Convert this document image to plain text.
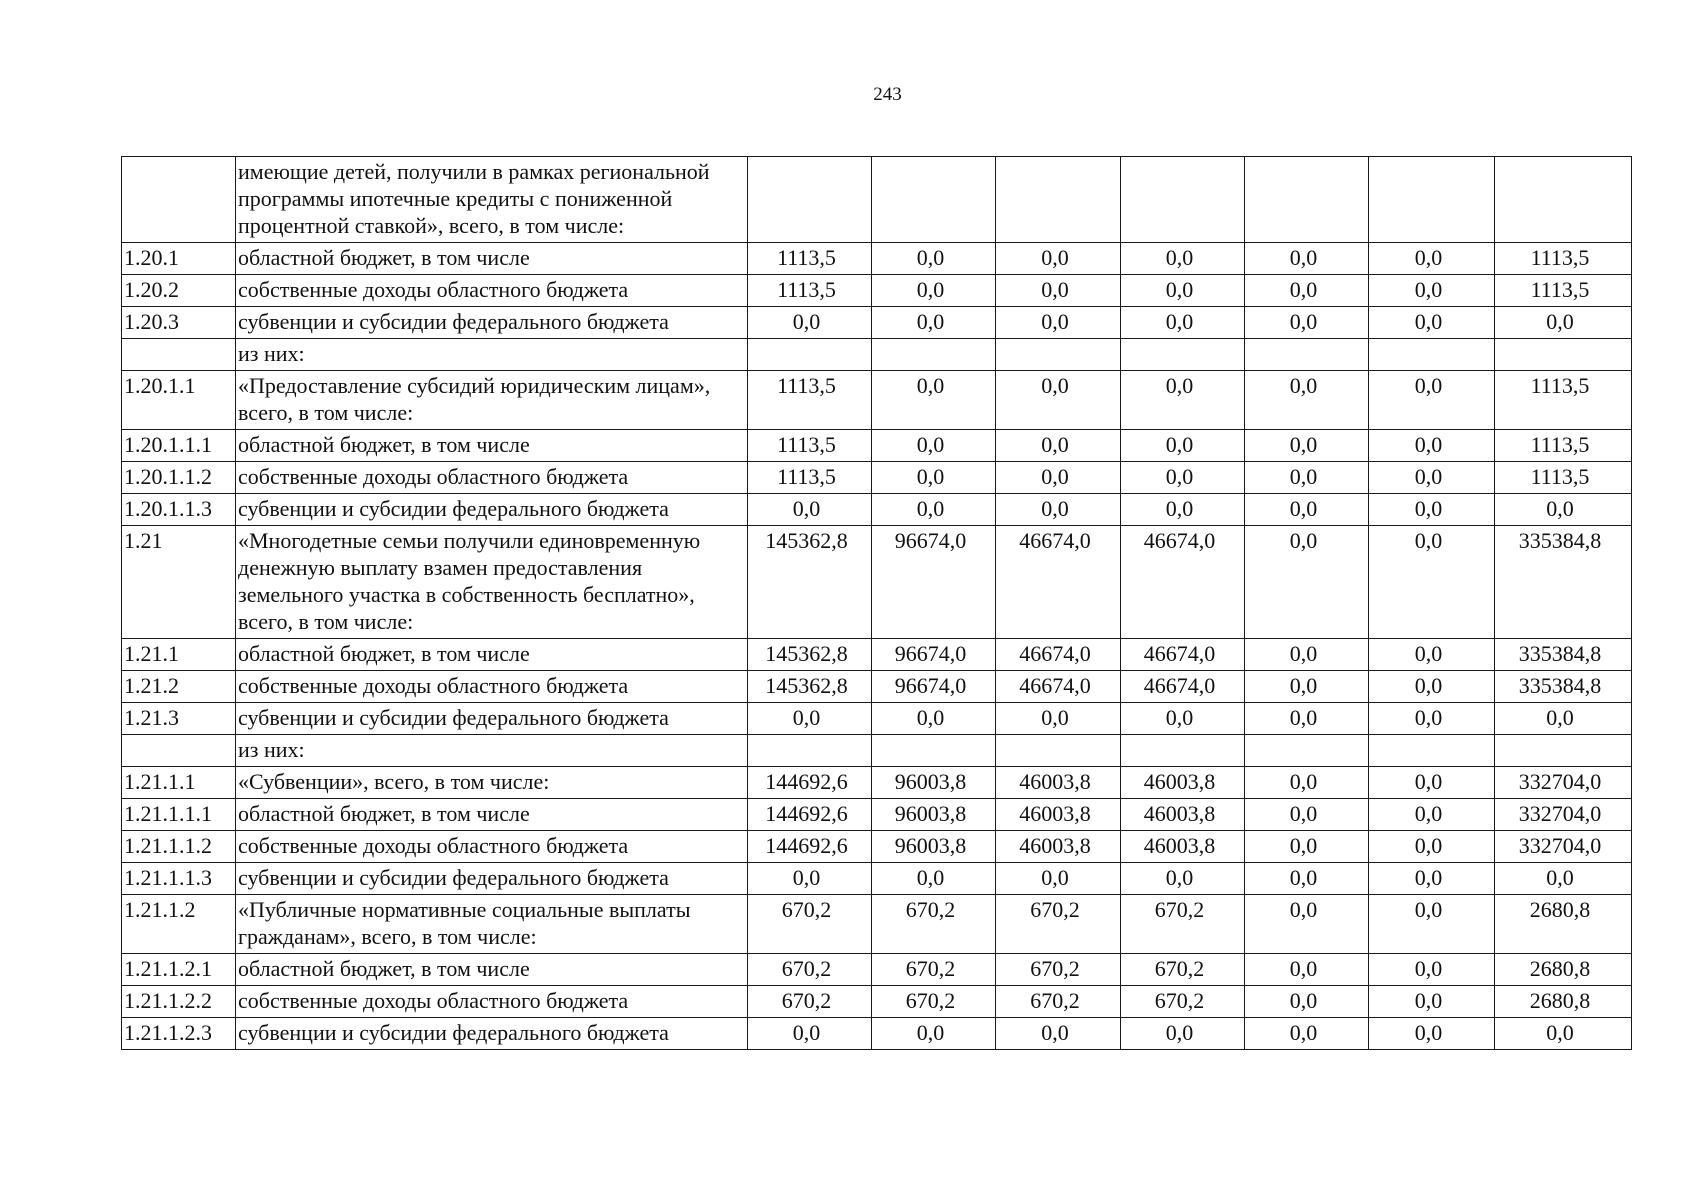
243
	имеющие детей, получили в рамках региональной программы ипотечные кредиты с пониженной процентной ставкой», всего, в том числе:							
1.20.1	областной бюджет, в том числе	1113,5	0,0	0,0	0,0	0,0	0,0	1113,5
1.20.2	собственные доходы областного бюджета	1113,5	0,0	0,0	0,0	0,0	0,0	1113,5
1.20.3	субвенции и субсидии федерального бюджета	0,0	0,0	0,0	0,0	0,0	0,0	0,0
	из них:							
1.20.1.1	«Предоставление субсидий юридическим лицам», всего, в том числе:	1113,5	0,0	0,0	0,0	0,0	0,0	1113,5
1.20.1.1.1	областной бюджет, в том числе	1113,5	0,0	0,0	0,0	0,0	0,0	1113,5
1.20.1.1.2	собственные доходы областного бюджета	1113,5	0,0	0,0	0,0	0,0	0,0	1113,5
1.20.1.1.3	субвенции и субсидии федерального бюджета	0,0	0,0	0,0	0,0	0,0	0,0	0,0
1.21	«Многодетные семьи получили единовременную денежную выплату взамен предоставления земельного участка в собственность бесплатно», всего, в том числе:	145362,8	96674,0	46674,0	46674,0	0,0	0,0	335384,8
1.21.1	областной бюджет, в том числе	145362,8	96674,0	46674,0	46674,0	0,0	0,0	335384,8
1.21.2	собственные доходы областного бюджета	145362,8	96674,0	46674,0	46674,0	0,0	0,0	335384,8
1.21.3	субвенции и субсидии федерального бюджета	0,0	0,0	0,0	0,0	0,0	0,0	0,0
	из них:							
1.21.1.1	«Субвенции», всего, в том числе:	144692,6	96003,8	46003,8	46003,8	0,0	0,0	332704,0
1.21.1.1.1	областной бюджет, в том числе	144692,6	96003,8	46003,8	46003,8	0,0	0,0	332704,0
1.21.1.1.2	собственные доходы областного бюджета	144692,6	96003,8	46003,8	46003,8	0,0	0,0	332704,0
1.21.1.1.3	субвенции и субсидии федерального бюджета	0,0	0,0	0,0	0,0	0,0	0,0	0,0
1.21.1.2	«Публичные нормативные социальные выплаты гражданам», всего, в том числе:	670,2	670,2	670,2	670,2	0,0	0,0	2680,8
1.21.1.2.1	областной бюджет, в том числе	670,2	670,2	670,2	670,2	0,0	0,0	2680,8
1.21.1.2.2	собственные доходы областного бюджета	670,2	670,2	670,2	670,2	0,0	0,0	2680,8
1.21.1.2.3	субвенции и субсидии федерального бюджета	0,0	0,0	0,0	0,0	0,0	0,0	0,0
